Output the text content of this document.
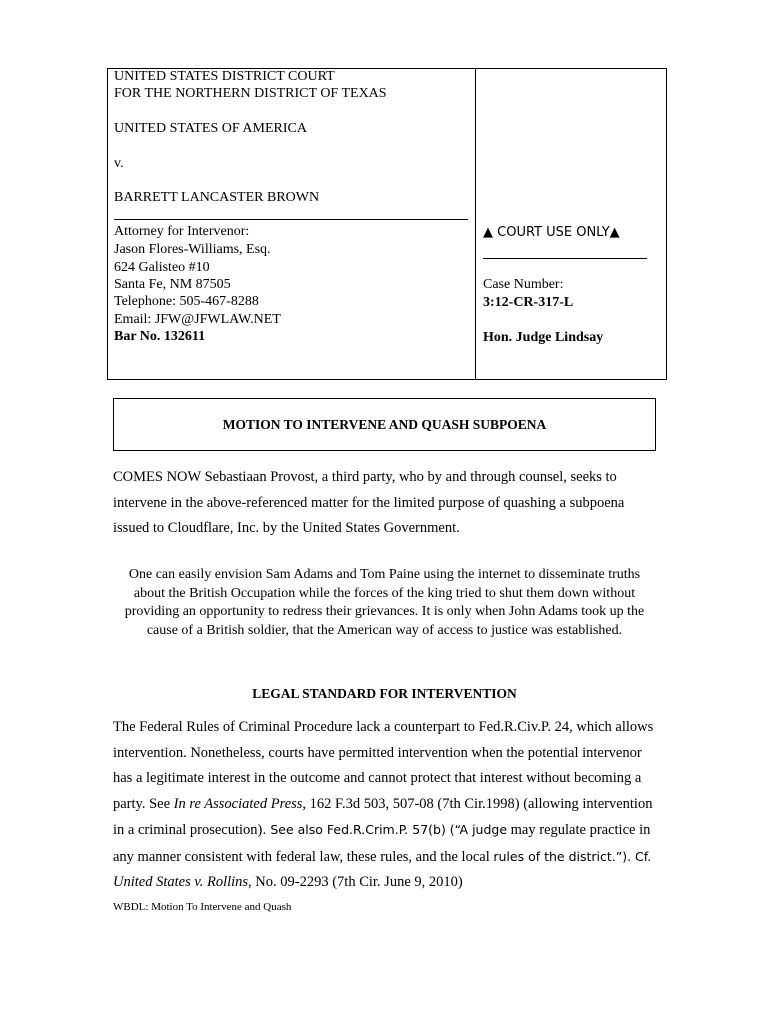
UNITED STATES DISTRICT COURT
FOR THE NORTHERN DISTRICT OF TEXAS
UNITED STATES OF AMERICA
v.
BARRETT LANCASTER BROWN
Attorney for Intervenor:
Jason Flores-Williams, Esq.
624 Galisteo #10
Santa Fe, NM 87505
Telephone: 505-467-8288
Email: JFW@JFWLAW.NET
Bar No. 132611
▲ COURT USE ONLY▲
Case Number:
3:12-CR-317-L
Hon. Judge Lindsay
MOTION TO INTERVENE AND QUASH SUBPOENA
COMES NOW Sebastiaan Provost, a third party, who by and through counsel, seeks to intervene in the above-referenced matter for the limited purpose of quashing a subpoena issued to Cloudflare, Inc. by the United States Government.
One can easily envision Sam Adams and Tom Paine using the internet to disseminate truths about the British Occupation while the forces of the king tried to shut them down without providing an opportunity to redress their grievances. It is only when John Adams took up the cause of a British soldier, that the American way of access to justice was established.
LEGAL STANDARD FOR INTERVENTION
The Federal Rules of Criminal Procedure lack a counterpart to Fed.R.Civ.P. 24, which allows intervention. Nonetheless, courts have permitted intervention when the potential intervenor has a legitimate interest in the outcome and cannot protect that interest without becoming a party. See In re Associated Press, 162 F.3d 503, 507-08 (7th Cir.1998) (allowing intervention in a criminal prosecution). See also Fed.R.Crim.P. 57(b) (“A judge may regulate practice in any manner consistent with federal law, these rules, and the local rules of the district.”). Cf. United States v. Rollins, No. 09-2293 (7th Cir. June 9, 2010)
WBDL: Motion To Intervene and Quash
